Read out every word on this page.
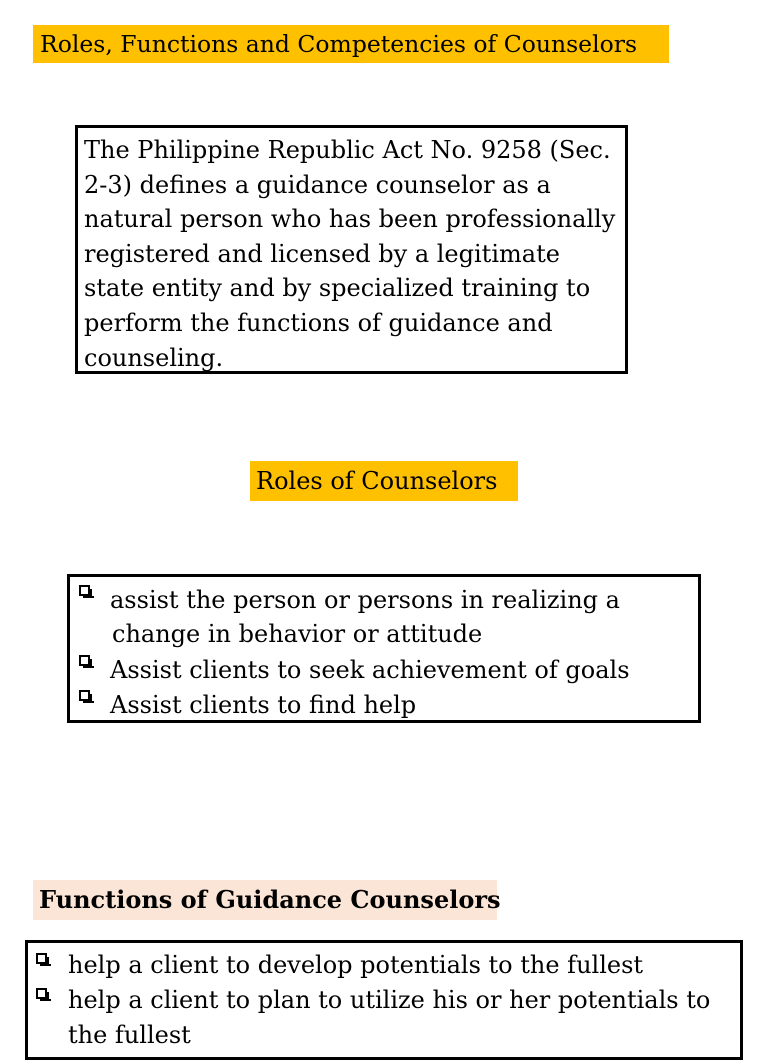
Roles, Functions and Competencies of Counselors
The Philippine Republic Act No. 9258 (Sec.
2-3) defines a guidance counselor as a
natural person who has been professionally
registered and licensed by a legitimate
state entity and by specialized training to
perform the functions of guidance and
counseling.
Roles of Counselors
assist the person or persons in realizing a
change in behavior or attitude
Assist clients to seek achievement of goals
Assist clients to find help
Functions of Guidance Counselors
help a client to develop potentials to the fullest
help a client to plan to utilize his or her potentials to
the fullest
